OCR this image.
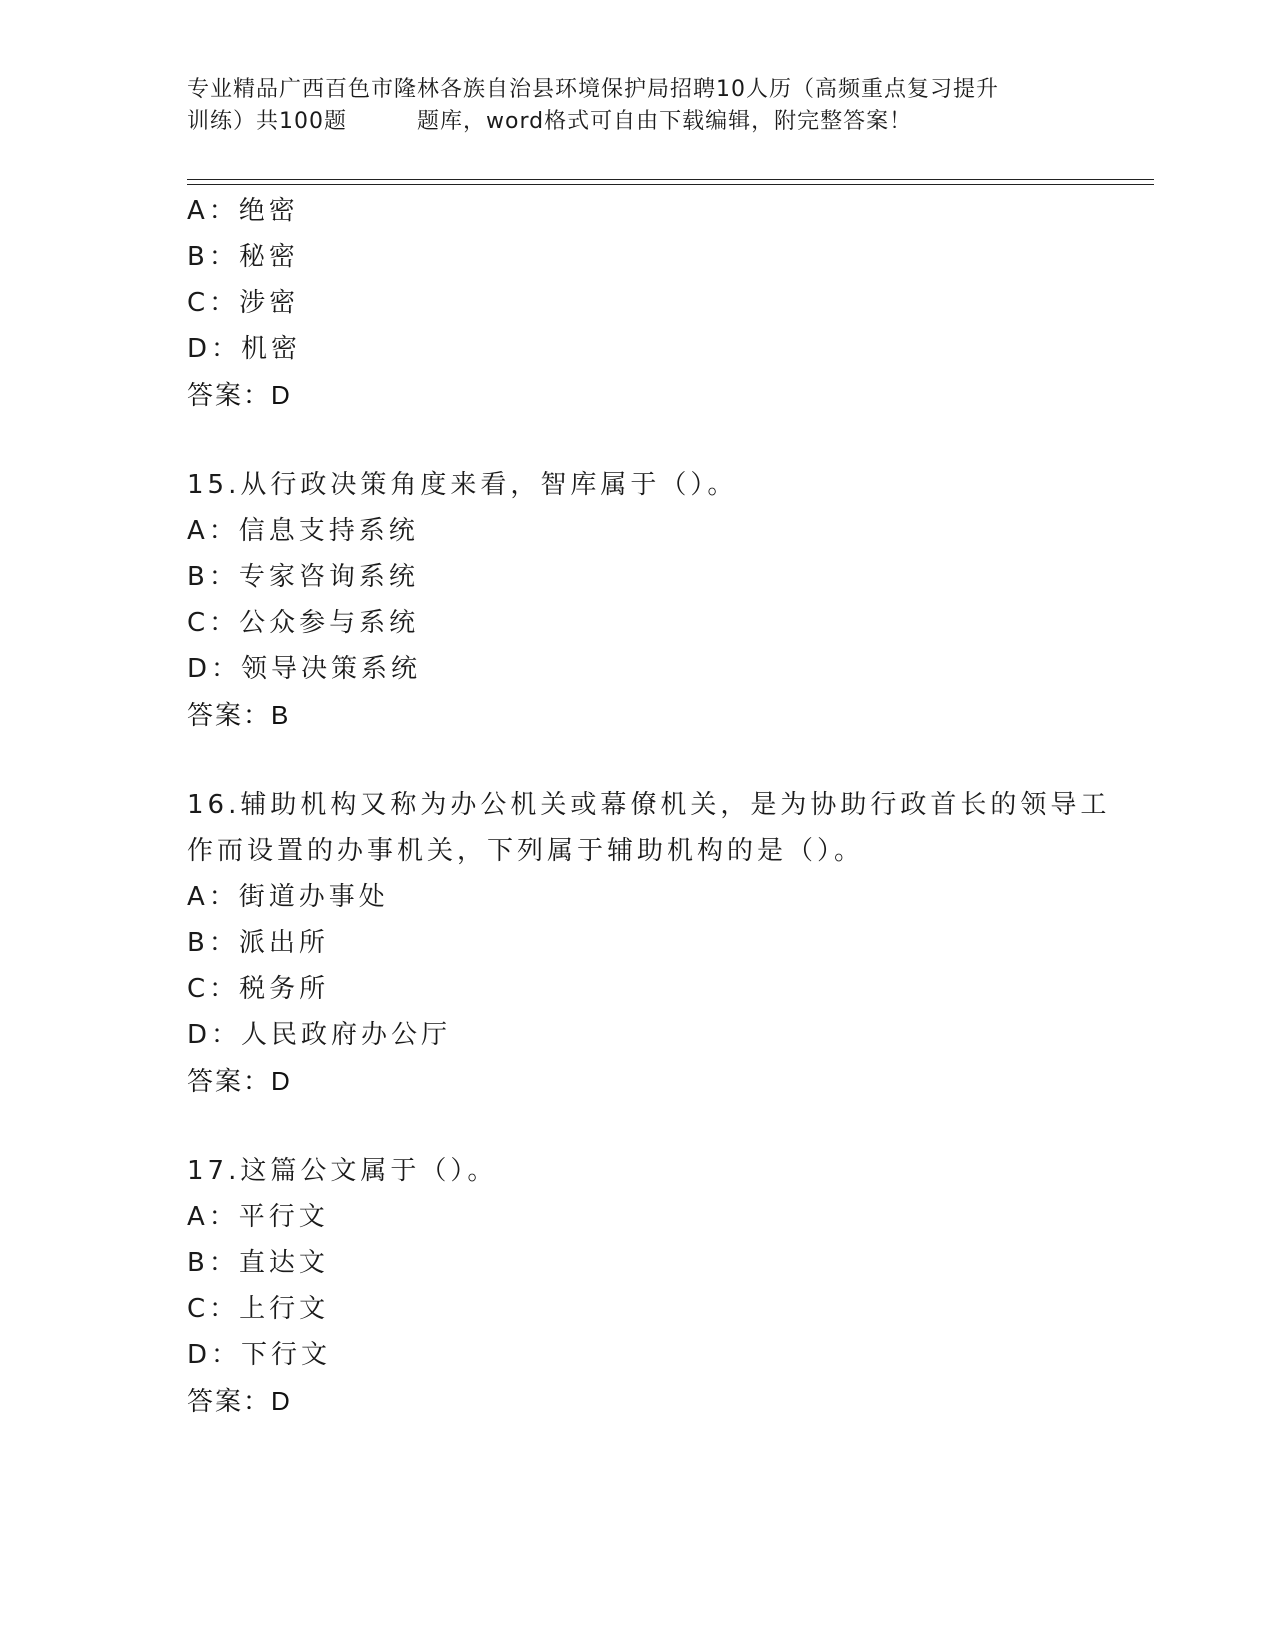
专业精品广西百色市隆林各族自治县环境保护局招聘10人历（高频重点复习提升
训练）共100题	题库，word格式可自由下载编辑，附完整答案！
A：绝密
B：秘密
C：涉密
D：机密
答案：D
15.从行政决策角度来看，智库属于（）。
A：信息支持系统
B：专家咨询系统
C：公众参与系统
D：领导决策系统
答案：B
16.辅助机构又称为办公机关或幕僚机关，是为协助行政首长的领导工
作而设置的办事机关，下列属于辅助机构的是（）。
A：街道办事处
B：派出所
C：税务所
D：人民政府办公厅
答案：D
17.这篇公文属于（）。
A：平行文
B：直达文
C：上行文
D：下行文
答案：D
